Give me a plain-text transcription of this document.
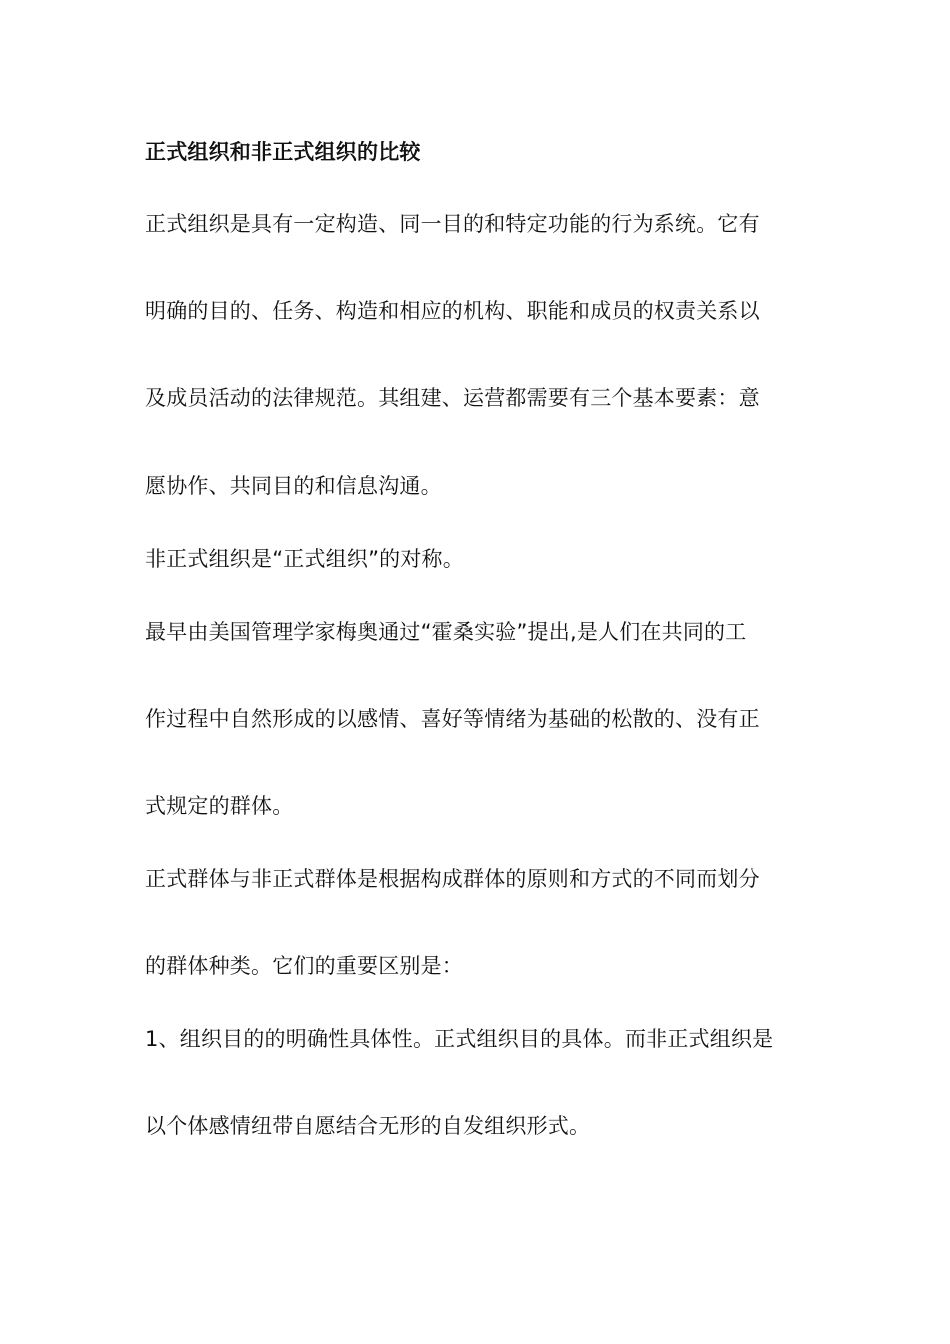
正式组织和非正式组织的比较
正式组织是具有一定构造、同一目的和特定功能的行为系统。它有
明确的目的、任务、构造和相应的机构、职能和成员的权责关系以
及成员活动的法律规范。其组建、运营都需要有三个基本要素：意
愿协作、共同目的和信息沟通。
非正式组织是“正式组织”的对称。
最早由美国管理学家梅奥通过“霍桑实验”提出,是人们在共同的工
作过程中自然形成的以感情、喜好等情绪为基础的松散的、没有正
式规定的群体。
正式群体与非正式群体是根据构成群体的原则和方式的不同而划分
的群体种类。它们的重要区别是：
1、组织目的的明确性具体性。正式组织目的具体。而非正式组织是
以个体感情纽带自愿结合无形的自发组织形式。
